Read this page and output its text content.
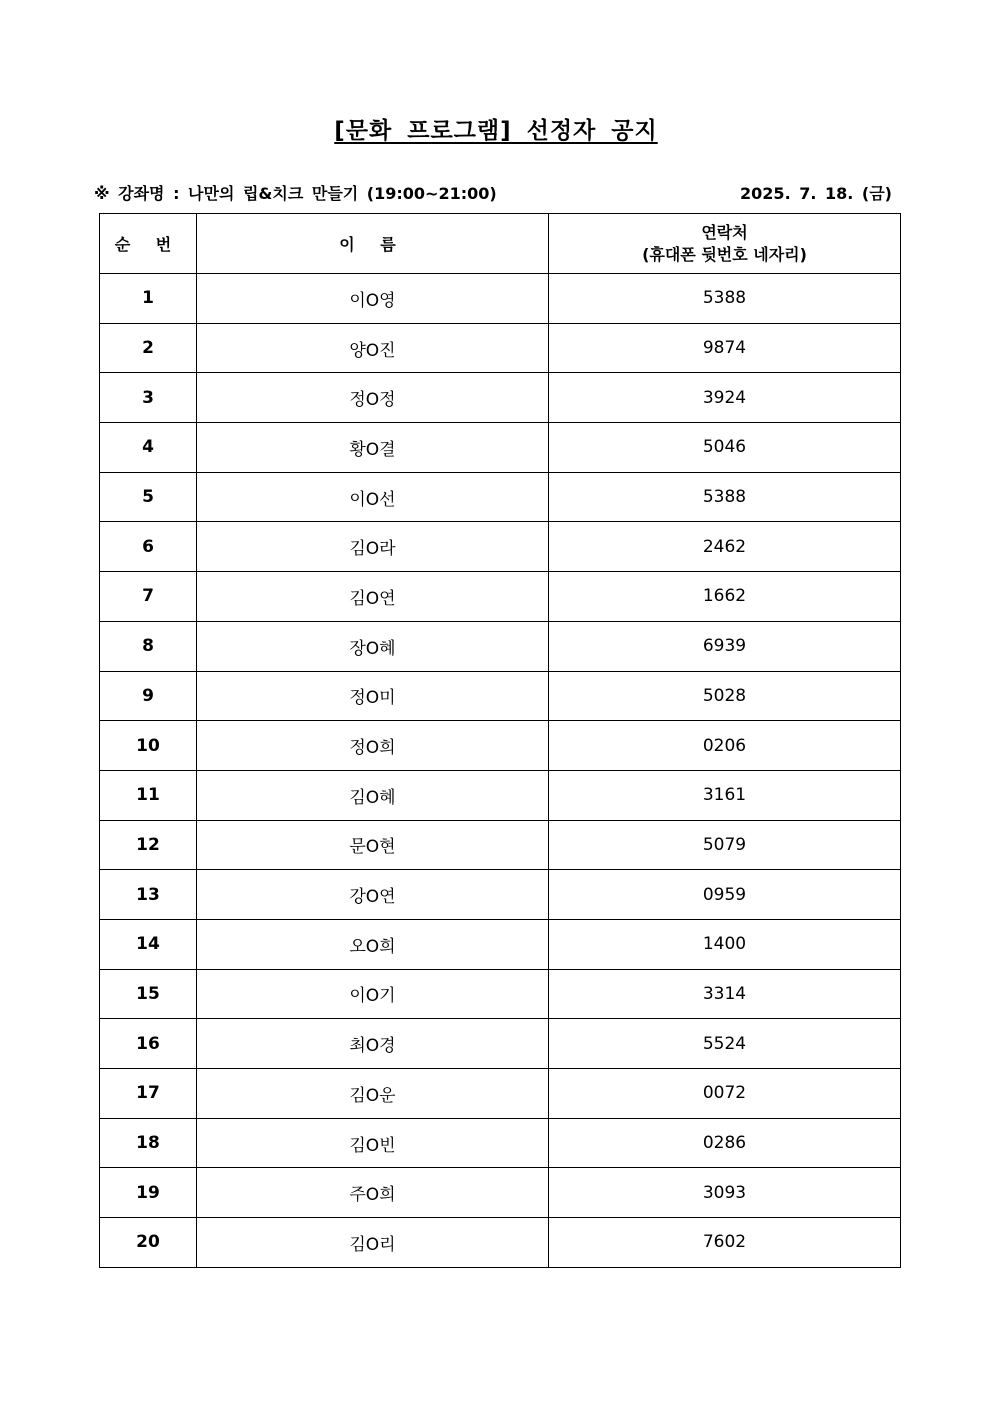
[문화 프로그램] 선정자 공지
※ 강좌명 : 나만의 립&치크 만들기 (19:00~21:00)	2025. 7. 18. (금)
순 번	이 름	연락처
(휴대폰 뒷번호 네자리)

1	이O영	5388
2	양O진	9874
3	정O정	3924
4	황O결	5046
5	이O선	5388
6	김O라	2462
7	김O연	1662
8	장O혜	6939
9	정O미	5028
10	정O희	0206
11	김O혜	3161
12	문O현	5079
13	강O연	0959
14	오O희	1400
15	이O기	3314
16	최O경	5524
17	김O운	0072
18	김O빈	0286
19	주O희	3093
20	김O리	7602
